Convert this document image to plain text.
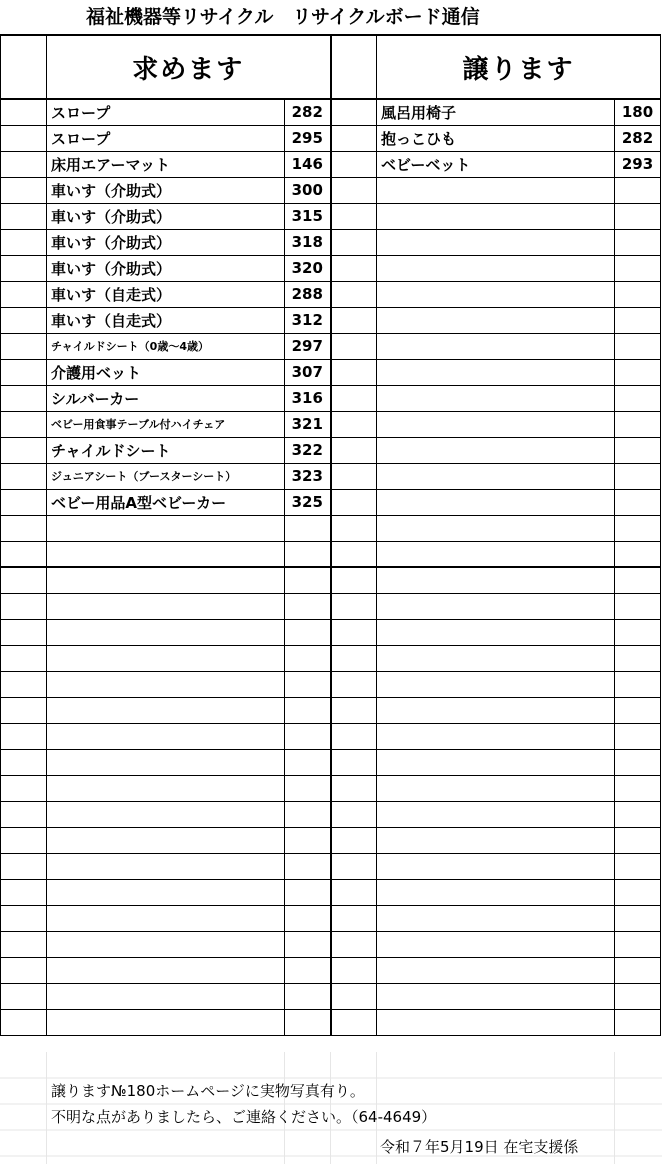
福祉機器等リサイクル　リサイクルボード通信
	求めます			譲ります	
	スロープ	282		風呂用椅子	180
	スロープ	295		抱っこひも	282
	床用エアーマット	146		ベビーベット	293
	車いす（介助式）	300			
	車いす（介助式）	315			
	車いす（介助式）	318			
	車いす（介助式）	320			
	車いす（自走式）	288			
	車いす（自走式）	312			
	チャイルドシート（0歳～4歳）	297			
	介護用ベット	307			
	シルバーカー	316			
	ベビー用食事テーブル付ハイチェア	321			
	チャイルドシート	322			
	ジュニアシート（ブースターシート）	323			
	ベビー用品A型ベビーカー	325			

譲ります№180ホームページに実物写真有り。
不明な点がありましたら、ご連絡ください。（64-4649）
令和７年5月19日 在宅支援係
